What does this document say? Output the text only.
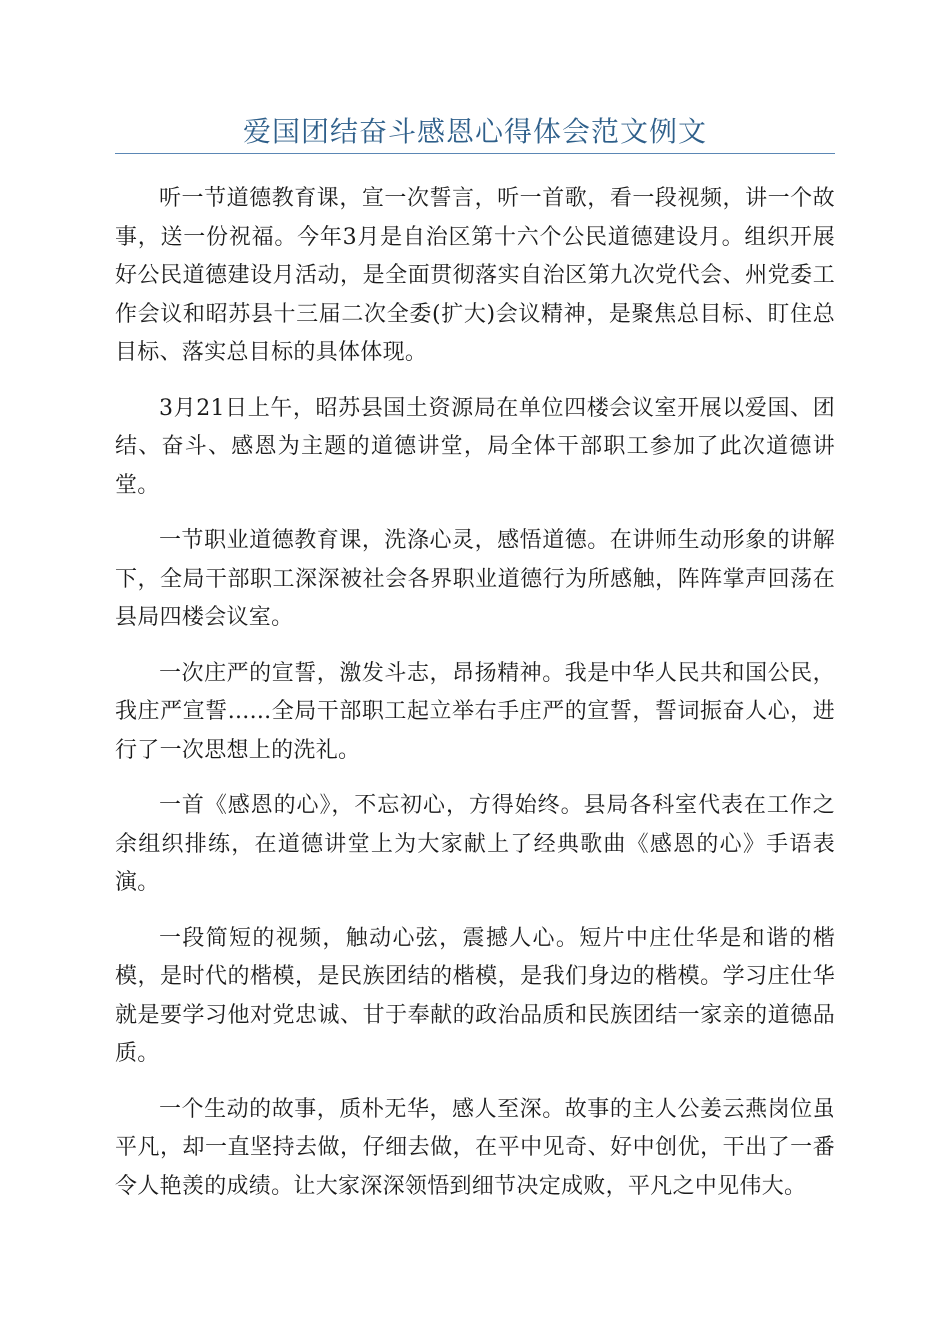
爱国团结奋斗感恩心得体会范文例文

听一节道德教育课，宣一次誓言，听一首歌，看一段视频，讲一个故事，送一份祝福。今年3月是自治区第十六个公民道德建设月。组织开展好公民道德建设月活动，是全面贯彻落实自治区第九次党代会、州党委工作会议和昭苏县十三届二次全委(扩大)会议精神，是聚焦总目标、盯住总目标、落实总目标的具体体现。

3月21日上午，昭苏县国土资源局在单位四楼会议室开展以爱国、团结、奋斗、感恩为主题的道德讲堂，局全体干部职工参加了此次道德讲堂。

一节职业道德教育课，洗涤心灵，感悟道德。在讲师生动形象的讲解下，全局干部职工深深被社会各界职业道德行为所感触，阵阵掌声回荡在县局四楼会议室。

一次庄严的宣誓，激发斗志，昂扬精神。我是中华人民共和国公民，我庄严宣誓......全局干部职工起立举右手庄严的宣誓，誓词振奋人心，进行了一次思想上的洗礼。

一首《感恩的心》，不忘初心，方得始终。县局各科室代表在工作之余组织排练，在道德讲堂上为大家献上了经典歌曲《感恩的心》手语表演。

一段简短的视频，触动心弦，震撼人心。短片中庄仕华是和谐的楷模，是时代的楷模，是民族团结的楷模，是我们身边的楷模。学习庄仕华就是要学习他对党忠诚、甘于奉献的政治品质和民族团结一家亲的道德品质。

一个生动的故事，质朴无华，感人至深。故事的主人公姜云燕岗位虽平凡，却一直坚持去做，仔细去做，在平中见奇、好中创优，干出了一番令人艳羡的成绩。让大家深深领悟到细节决定成败，平凡之中见伟大。
